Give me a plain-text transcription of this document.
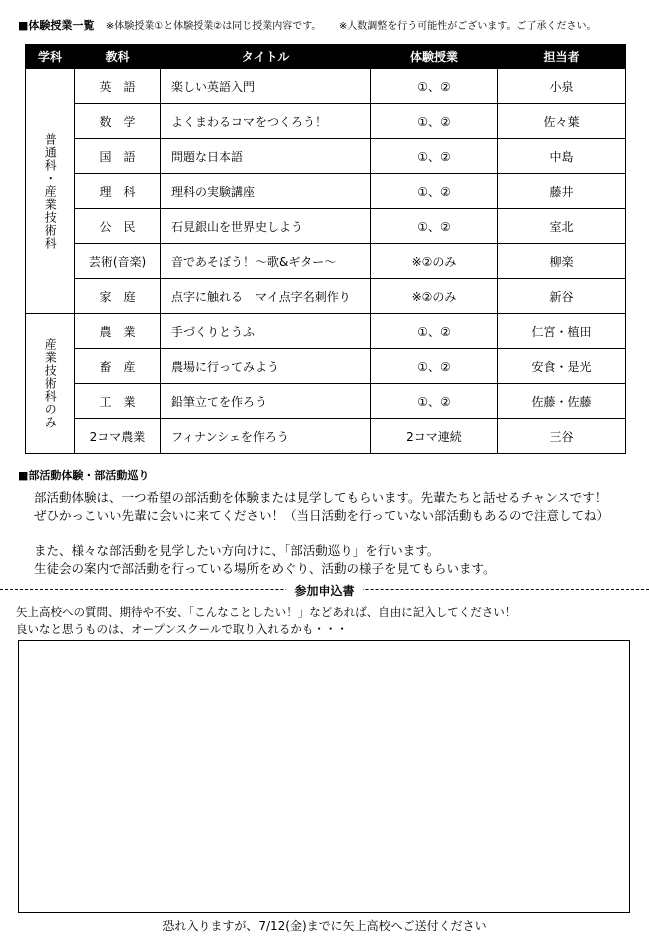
■体験授業一覧 ※体験授業①と体験授業②は同じ授業内容です。 ※人数調整を行う可能性がございます。ご了承ください。
学科	教科	タイトル	体験授業	担当者

普通科・産業技術科	英　語	楽しい英語入門	①、②	小泉
	数　学	よくまわるコマをつくろう！	①、②	佐々葉
	国　語	問題な日本語	①、②	中島
	理　科	理科の実験講座	①、②	藤井
	公　民	石見銀山を世界史しよう	①、②	室北
	芸術(音楽)	音であそぼう！～歌&ギター～	※②のみ	柳楽
	家　庭	点字に触れる　マイ点字名刺作り	※②のみ	新谷

産業技術科のみ	農　業	手づくりとうふ	①、②	仁宮・植田
	畜　産	農場に行ってみよう	①、②	安食・是光
	工　業	鉛筆立てを作ろう	①、②	佐藤・佐藤
	2コマ農業	フィナンシェを作ろう	2コマ連続	三谷
■部活動体験・部活動巡り
部活動体験は、一つ希望の部活動を体験または見学してもらいます。先輩たちと話せるチャンスです！
ぜひかっこいい先輩に会いに来てください！（当日活動を行っていない部活動もあるので注意してね）
また、様々な部活動を見学したい方向けに、「部活動巡り」を行います。
生徒会の案内で部活動を行っている場所をめぐり、活動の様子を見てもらいます。
参加申込書
矢上高校への質問、期待や不安、「こんなことしたい！」などあれば、自由に記入してください！
良いなと思うものは、オープンスクールで取り入れるかも・・・
恐れ入りますが、7/12(金)までに矢上高校へご送付ください
